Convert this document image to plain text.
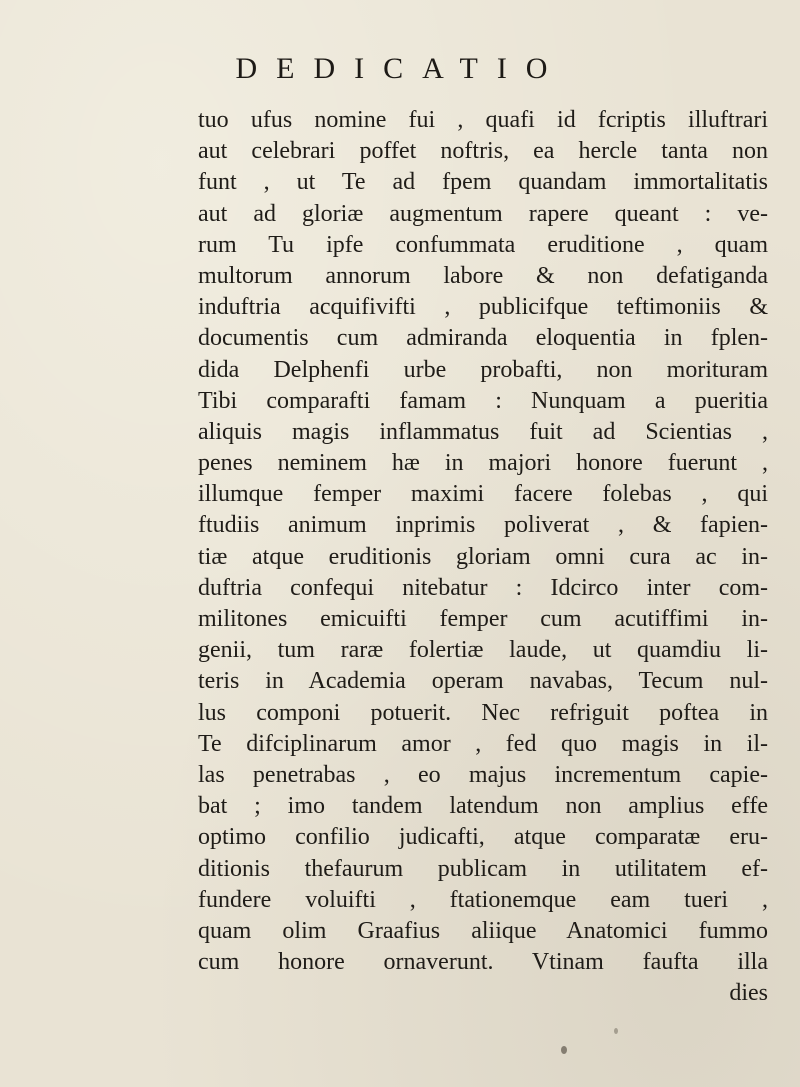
DEDICATIO
tuo ufus nomine fui , quafi id fcriptis illuftrari
aut celebrari poffet noftris, ea hercle tanta non
funt , ut Te ad fpem quandam immortalitatis
aut ad gloriæ augmentum rapere queant : ve-
rum Tu ipfe confummata eruditione , quam
multorum annorum labore & non defatiganda
induftria acquifivifti , publicifque teftimoniis &
documentis cum admiranda eloquentia in fplen-
dida Delphenfi urbe probafti, non morituram
Tibi comparafti famam : Nunquam a pueritia
aliquis magis inflammatus fuit ad Scientias ,
penes neminem hæ in majori honore fuerunt ,
illumque femper maximi facere folebas , qui
ftudiis animum inprimis poliverat , & fapien-
tiæ atque eruditionis gloriam omni cura ac in-
duftria confequi nitebatur : Idcirco inter com-
militones emicuifti femper cum acutiffimi in-
genii, tum raræ folertiæ laude, ut quamdiu li-
teris in Academia operam navabas, Tecum nul-
lus componi potuerit. Nec refriguit poftea in
Te difciplinarum amor , fed quo magis in il-
las penetrabas , eo majus incrementum capie-
bat ; imo tandem latendum non amplius effe
optimo confilio judicafti, atque comparatæ eru-
ditionis thefaurum publicam in utilitatem ef-
fundere voluifti , ftationemque eam tueri ,
quam olim Graafius aliique Anatomici fummo
cum honore ornaverunt. Vtinam faufta illa
dies
